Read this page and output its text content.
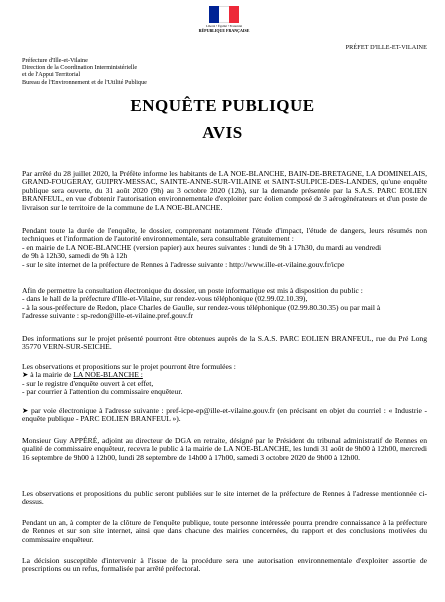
Liberté • Égalité • Fraternité
RÉPUBLIQUE FRANÇAISE
PRÉFET D'ILLE-ET-VILAINE
Préfecture d'Ille-et-Vilaine
Direction de la Coordination Interministérielle
et de l'Appui Territorial
Bureau de l'Environnement et de l'Utilité Publique
ENQUÊTE PUBLIQUE
AVIS
Par arrêté du 28 juillet 2020, la Préfète informe les habitants de LA NOE-BLANCHE, BAIN-DE-BRETAGNE, LA DOMINELAIS, GRAND-FOUGERAY, GUIPRY-MESSAC, SAINTE-ANNE-SUR-VILAINE et SAINT-SULPICE-DES-LANDES, qu'une enquête publique sera ouverte, du 31 août 2020 (9h) au 3 octobre 2020 (12h), sur la demande présentée par la S.A.S. PARC EOLIEN BRANFEUL, en vue d'obtenir l'autorisation environnementale d'exploiter parc éolien composé de 3 aérogénérateurs et d'un poste de livraison sur le territoire de la commune de LA NOE-BLANCHE.
Pendant toute la durée de l'enquête, le dossier, comprenant notamment l'étude d'impact, l'étude de dangers, leurs résumés non techniques et l'information de l'autorité environnementale, sera consultable gratuitement :
- en mairie de LA NOE-BLANCHE (version papier) aux heures suivantes : lundi de 9h à 17h30, du mardi au vendredi
de 9h à 12h30, samedi de 9h à 12h
- sur le site internet de la préfecture de Rennes à l'adresse suivante : http://www.ille-et-vilaine.gouv.fr/icpe
Afin de permettre la consultation électronique du dossier, un poste informatique est mis à disposition du public :
- dans le hall de la préfecture d'Ille-et-Vilaine, sur rendez-vous téléphonique (02.99.02.10.39),
- à la sous-préfecture de Redon, place Charles de Gaulle, sur rendez-vous téléphonique (02.99.80.30.35) ou par mail à
l'adresse suivante : sp-redon@ille-et-vilaine.pref.gouv.fr
Des informations sur le projet présenté pourront être obtenues auprès de la S.A.S. PARC EOLIEN BRANFEUL, rue du Pré Long 35770 VERN-SUR-SEICHE.
Les observations et propositions sur le projet pourront être formulées :
➤ à la mairie de LA NOE-BLANCHE :
- sur le registre d'enquête ouvert à cet effet,
- par courrier à l'attention du commissaire enquêteur.
➤ par voie électronique à l'adresse suivante : pref-icpe-ep@ille-et-vilaine.gouv.fr (en précisant en objet du courriel : « Industrie - enquête publique - PARC EOLIEN BRANFEUL »).
Monsieur Guy APPÉRÉ, adjoint au directeur de DGA en retraite, désigné par le Président du tribunal administratif de Rennes en qualité de commissaire enquêteur, recevra le public à la mairie de LA NOE-BLANCHE, les lundi 31 août de 9h00 à 12h00, mercredi 16 septembre de 9h00 à 12h00, lundi 28 septembre de 14h00 à 17h00, samedi 3 octobre 2020 de 9h00 à 12h00.
Les observations et propositions du public seront publiées sur le site internet de la préfecture de Rennes à l'adresse mentionnée ci-dessus.
Pendant un an, à compter de la clôture de l'enquête publique, toute personne intéressée pourra prendre connaissance à la préfecture de Rennes et sur son site internet, ainsi que dans chacune des mairies concernées, du rapport et des conclusions motivées du commissaire enquêteur.
La décision susceptible d'intervenir à l'issue de la procédure sera une autorisation environnementale d'exploiter assortie de prescriptions ou un refus, formalisée par arrêté préfectoral.
